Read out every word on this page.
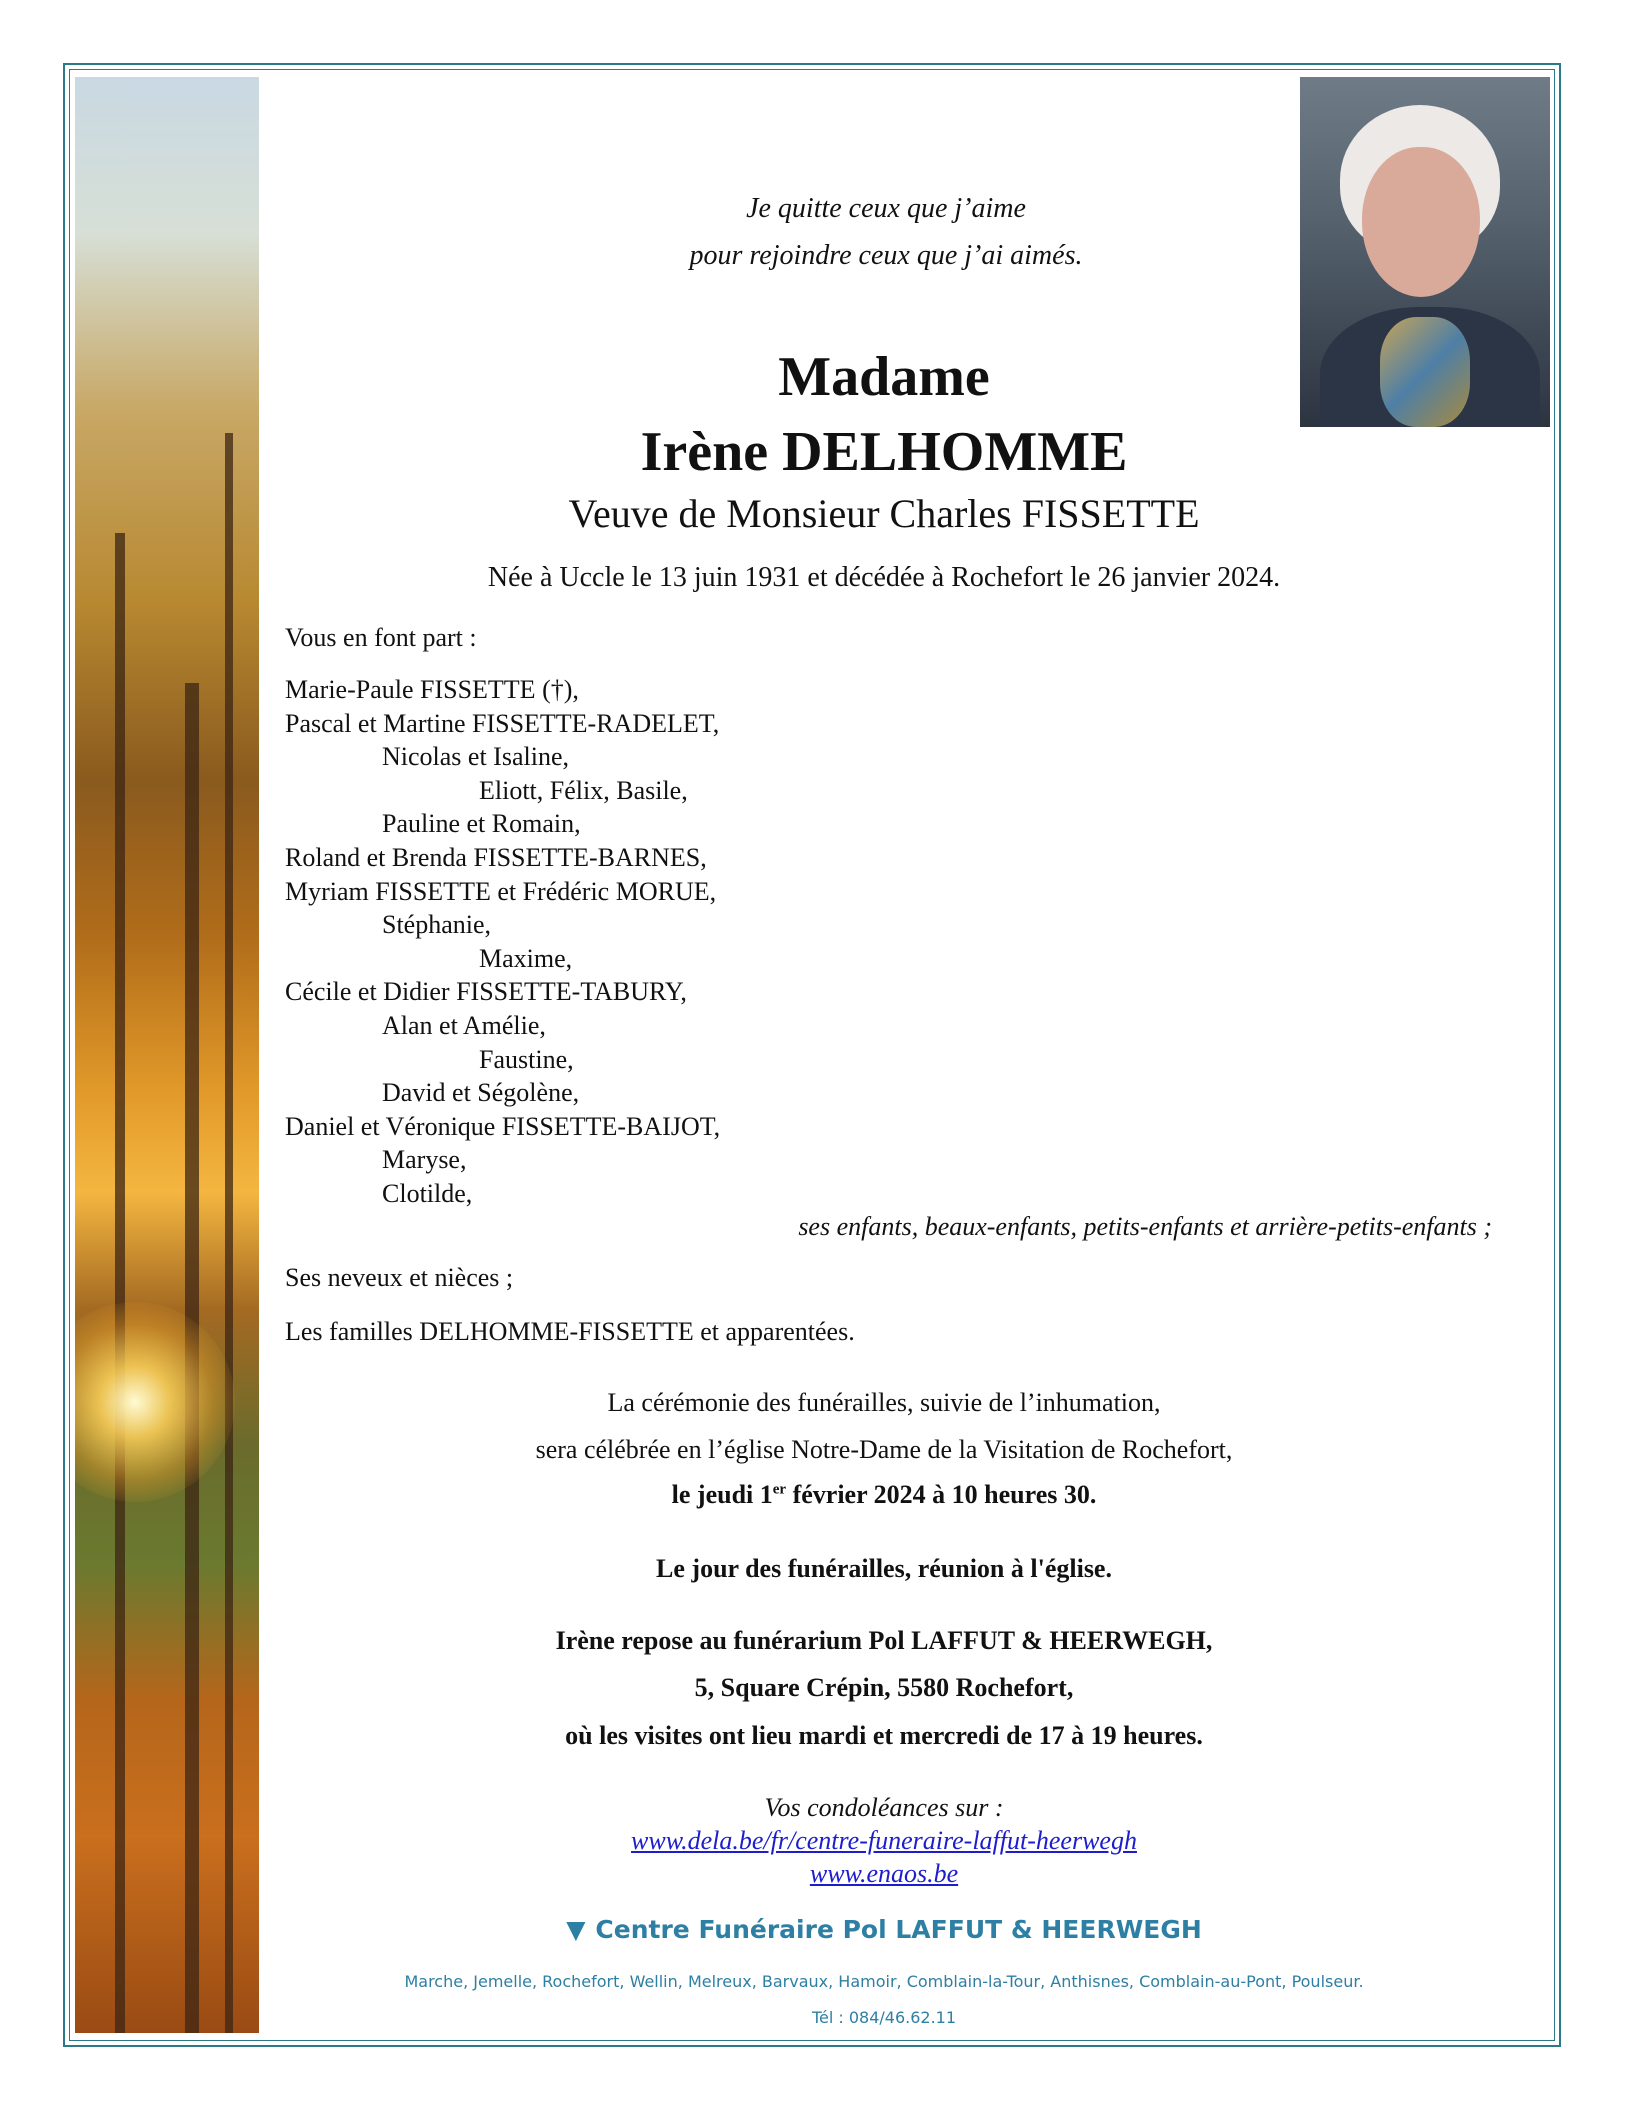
Je quitte ceux que j’aime
pour rejoindre ceux que j’ai aimés.
Madame
Irène DELHOMME
Veuve de Monsieur Charles FISSETTE
Née à Uccle le 13 juin 1931 et décédée à Rochefort le 26 janvier 2024.
Vous en font part :
Marie-Paule FISSETTE (†),
Pascal et Martine FISSETTE-RADELET,
Nicolas et Isaline,
Eliott, Félix, Basile,
Pauline et Romain,
Roland et Brenda FISSETTE-BARNES,
Myriam FISSETTE et Frédéric MORUE,
Stéphanie,
Maxime,
Cécile et Didier FISSETTE-TABURY,
Alan et Amélie,
Faustine,
David et Ségolène,
Daniel et Véronique FISSETTE-BAIJOT,
Maryse,
Clotilde,
ses enfants, beaux-enfants, petits-enfants et arrière-petits-enfants ;
Ses neveux et nièces ;
Les familles DELHOMME-FISSETTE et apparentées.
La cérémonie des funérailles, suivie de l’inhumation,
sera célébrée en l’église Notre-Dame de la Visitation de Rochefort,
le jeudi 1er février 2024 à 10 heures 30.
Le jour des funérailles, réunion à l'église.
Irène repose au funérarium Pol LAFFUT & HEERWEGH,
5, Square Crépin, 5580 Rochefort,
où les visites ont lieu mardi et mercredi de 17 à 19 heures.
Vos condoléances sur :
www.dela.be/fr/centre-funeraire-laffut-heerwegh
www.enaos.be
▼ Centre Funéraire Pol LAFFUT & HEERWEGH
Marche, Jemelle, Rochefort, Wellin, Melreux, Barvaux, Hamoir, Comblain-la-Tour, Anthisnes, Comblain-au-Pont, Poulseur.
Tél : 084/46.62.11
